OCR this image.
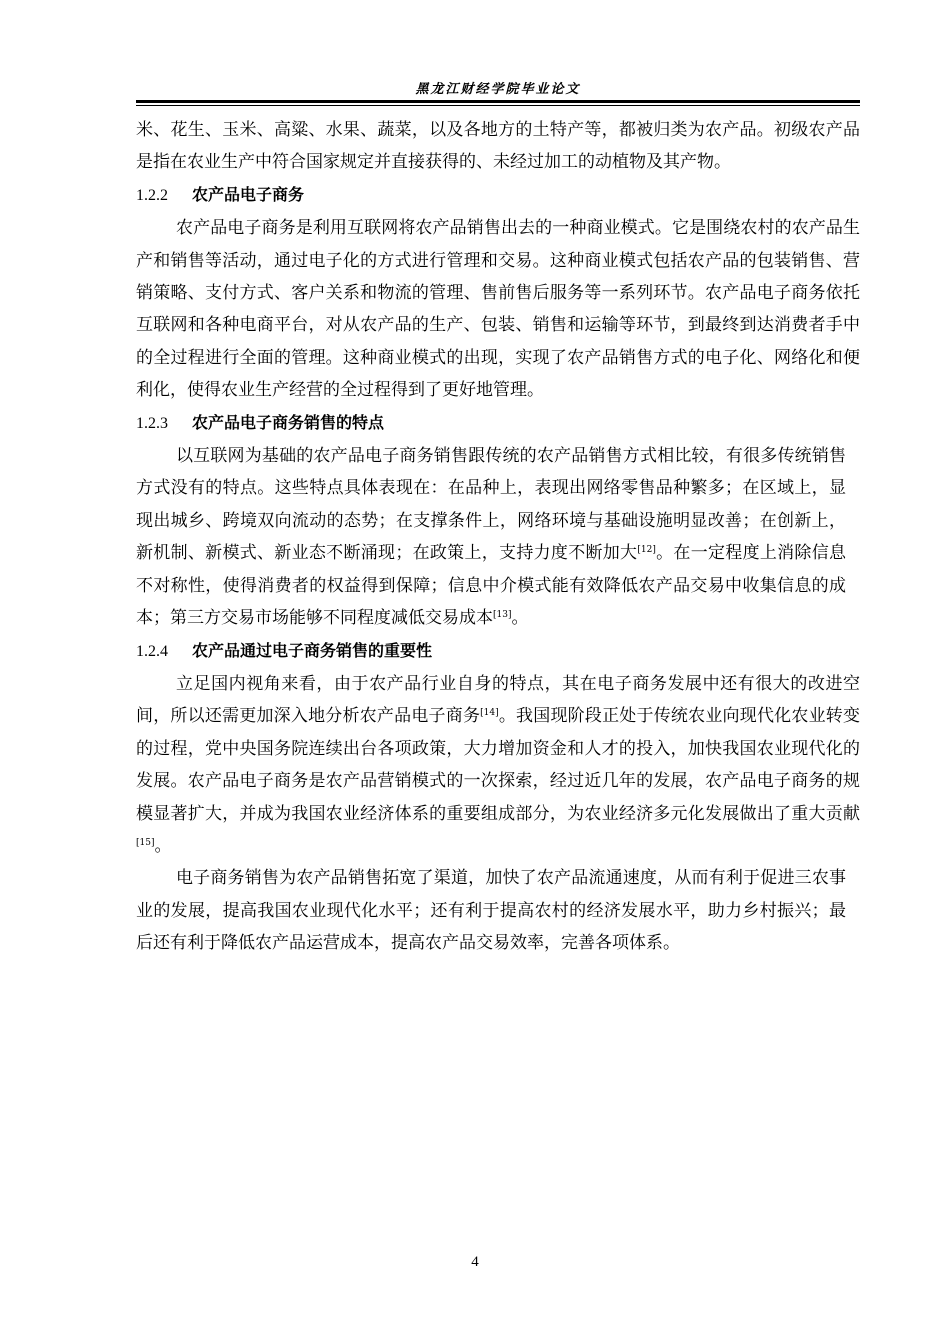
黑龙江财经学院毕业论文

米、花生、玉米、高粱、水果、蔬菜，以及各地方的土特产等，都被归类为农产品。初级农产品是指在农业生产中符合国家规定并直接获得的、未经过加工的动植物及其产物。

1.2.2 农产品电子商务

农产品电子商务是利用互联网将农产品销售出去的一种商业模式。它是围绕农村的农产品生产和销售等活动，通过电子化的方式进行管理和交易。这种商业模式包括农产品的包装销售、营销策略、支付方式、客户关系和物流的管理、售前售后服务等一系列环节。农产品电子商务依托互联网和各种电商平台，对从农产品的生产、包装、销售和运输等环节，到最终到达消费者手中的全过程进行全面的管理。这种商业模式的出现，实现了农产品销售方式的电子化、网络化和便利化，使得农业生产经营的全过程得到了更好地管理。

1.2.3 农产品电子商务销售的特点

以互联网为基础的农产品电子商务销售跟传统的农产品销售方式相比较，有很多传统销售方式没有的特点。这些特点具体表现在：在品种上，表现出网络零售品种繁多；在区域上，显现出城乡、跨境双向流动的态势；在支撑条件上，网络环境与基础设施明显改善；在创新上，新机制、新模式、新业态不断涌现；在政策上，支持力度不断加大[12]。在一定程度上消除信息不对称性，使得消费者的权益得到保障；信息中介模式能有效降低农产品交易中收集信息的成本；第三方交易市场能够不同程度减低交易成本[13]。

1.2.4 农产品通过电子商务销售的重要性

立足国内视角来看，由于农产品行业自身的特点，其在电子商务发展中还有很大的改进空间，所以还需更加深入地分析农产品电子商务[14]。我国现阶段正处于传统农业向现代化农业转变的过程，党中央国务院连续出台各项政策，大力增加资金和人才的投入，加快我国农业现代化的发展。农产品电子商务是农产品营销模式的一次探索，经过近几年的发展，农产品电子商务的规模显著扩大，并成为我国农业经济体系的重要组成部分，为农业经济多元化发展做出了重大贡献[15]。

电子商务销售为农产品销售拓宽了渠道，加快了农产品流通速度，从而有利于促进三农事业的发展，提高我国农业现代化水平；还有利于提高农村的经济发展水平，助力乡村振兴；最后还有利于降低农产品运营成本，提高农产品交易效率，完善各项体系。

4
